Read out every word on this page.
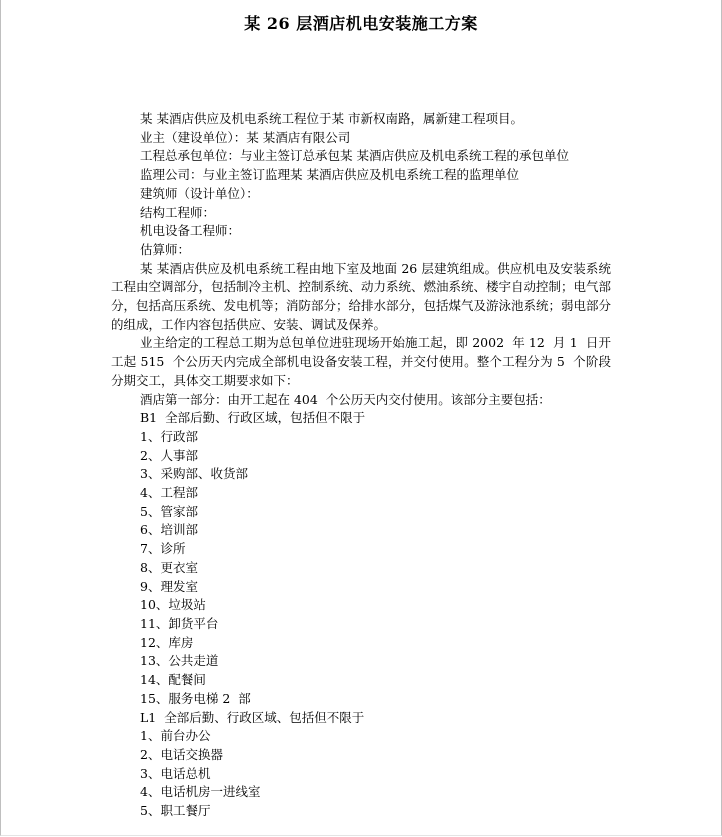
某 26 层酒店机电安装施工方案

某 某酒店供应及机电系统工程位于某 市新权南路，属新建工程项目。

业主（建设单位）：某 某酒店有限公司

工程总承包单位：与业主签订总承包某 某酒店供应及机电系统工程的承包单位

监理公司：与业主签订监理某 某酒店供应及机电系统工程的监理单位

建筑师（设计单位）：

结构工程师：

机电设备工程师：

估算师：

某 某酒店供应及机电系统工程由地下室及地面 26 层建筑组成。供应机电及安装系统工程由空调部分，包括制冷主机、控制系统、动力系统、燃油系统、楼宇自动控制；电气部分，包括高压系统、发电机等；消防部分；给排水部分，包括煤气及游泳池系统；弱电部分的组成，工作内容包括供应、安装、调试及保养。

业主给定的工程总工期为总包单位进驻现场开始施工起，即 2002  年 12  月 1  日开工起 515  个公历天内完成全部机电设备安装工程，并交付使用。整个工程分为 5  个阶段分期交工，具体交工期要求如下：

酒店第一部分：由开工起在 404  个公历天内交付使用。该部分主要包括：

B1  全部后勤、行政区域，包括但不限于

1、行政部

2、人事部

3、采购部、收货部

4、工程部

5、管家部

6、培训部

7、诊所

8、更衣室

9、理发室

10、垃圾站

11、卸货平台

12、库房

13、公共走道

14、配餐间

15、服务电梯 2  部

L1  全部后勤、行政区域、包括但不限于

1、前台办公

2、电话交换器

3、电话总机

4、电话机房一进线室

5、职工餐厅
